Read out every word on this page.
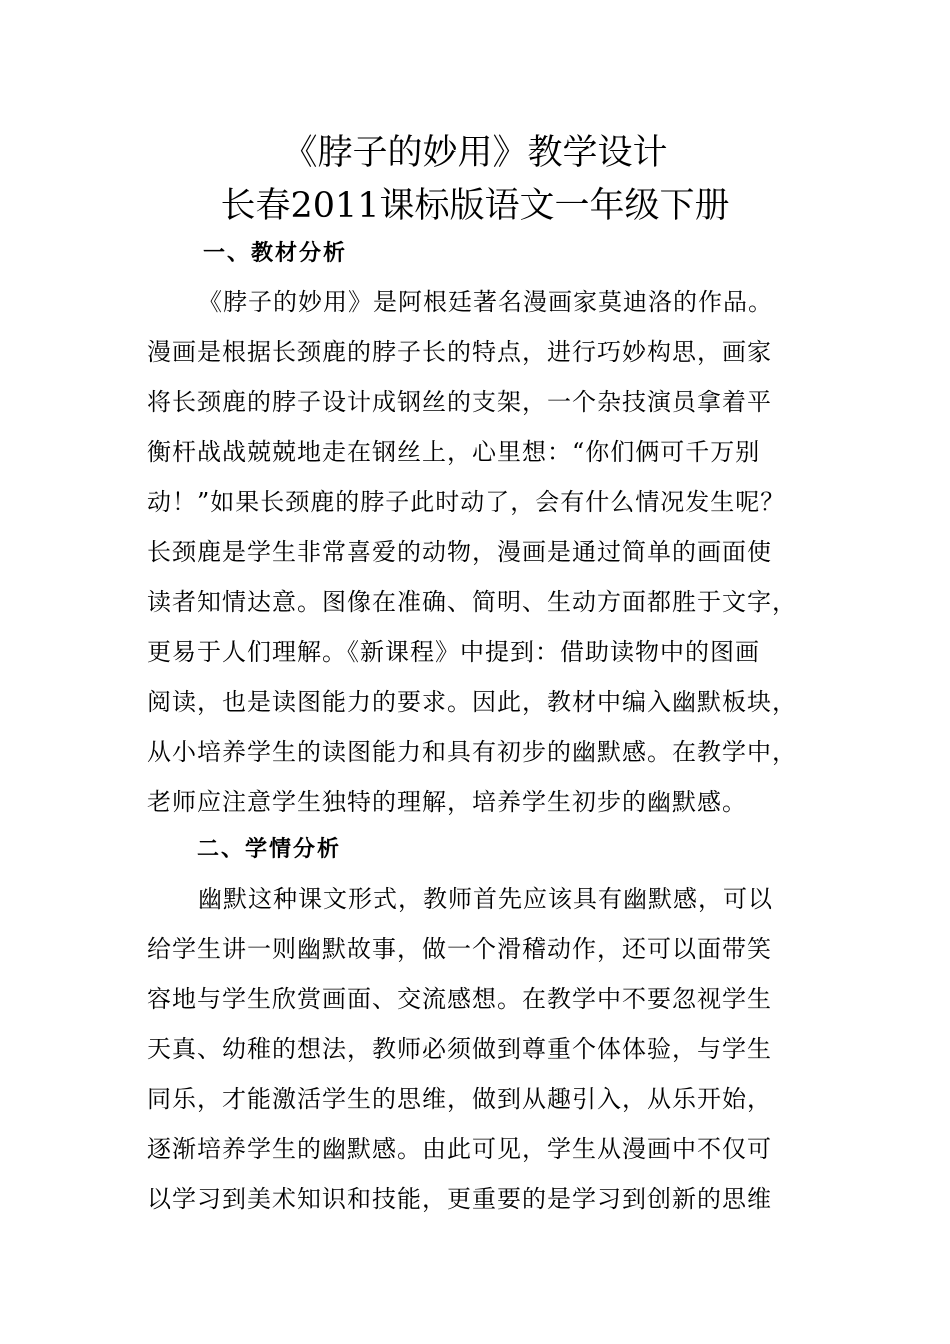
《脖子的妙用》教学设计
长春2011课标版语文一年级下册
一、教材分析

《脖子的妙用》是阿根廷著名漫画家莫迪洛的作品。

漫画是根据长颈鹿的脖子长的特点，进行巧妙构思，画家

将长颈鹿的脖子设计成钢丝的支架，一个杂技演员拿着平

衡杆战战兢兢地走在钢丝上，心里想：“你们俩可千万别

动！”如果长颈鹿的脖子此时动了，会有什么情况发生呢？

长颈鹿是学生非常喜爱的动物，漫画是通过简单的画面使

读者知情达意。图像在准确、简明、生动方面都胜于文字，

更易于人们理解。《新课程》中提到：借助读物中的图画

阅读，也是读图能力的要求。因此，教材中编入幽默板块，

从小培养学生的读图能力和具有初步的幽默感。在教学中，

老师应注意学生独特的理解，培养学生初步的幽默感。

二、学情分析

幽默这种课文形式，教师首先应该具有幽默感，可以

给学生讲一则幽默故事，做一个滑稽动作，还可以面带笑

容地与学生欣赏画面、交流感想。在教学中不要忽视学生

天真、幼稚的想法，教师必须做到尊重个体体验，与学生

同乐，才能激活学生的思维，做到从趣引入，从乐开始，

逐渐培养学生的幽默感。由此可见，学生从漫画中不仅可

以学习到美术知识和技能，更重要的是学习到创新的思维
